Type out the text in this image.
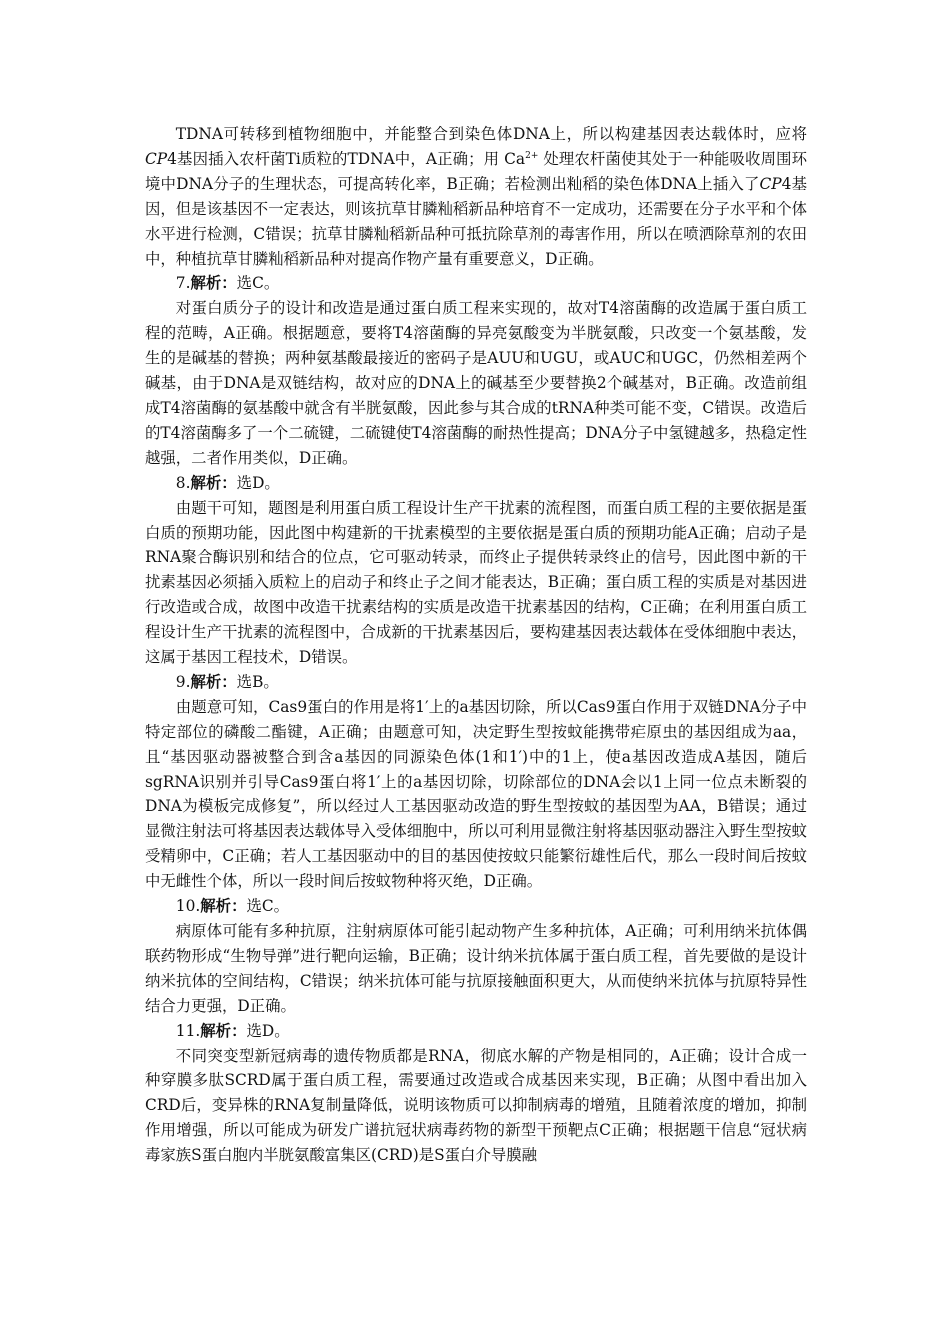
TDNA可转移到植物细胞中，并能整合到染色体DNA上，所以构建基因表达载体时，应将CP4基因插入农杆菌Ti质粒的TDNA中，A正确；用 $Ca^{2+}$ 处理农杆菌使其处于一种能吸收周围环境中DNA分子的生理状态，可提高转化率，B正确；若检测出籼稻的染色体DNA上插入了CP4基因，但是该基因不一定表达，则该抗草甘膦籼稻新品种培育不一定成功，还需要在分子水平和个体水平进行检测，C错误；抗草甘膦籼稻新品种可抵抗除草剂的毒害作用，所以在喷洒除草剂的农田中，种植抗草甘膦籼稻新品种对提高作物产量有重要意义，D正确。

7.解析：选C。

对蛋白质分子的设计和改造是通过蛋白质工程来实现的，故对T4溶菌酶的改造属于蛋白质工程的范畴，A正确。根据题意，要将T4溶菌酶的异亮氨酸变为半胱氨酸，只改变一个氨基酸，发生的是碱基的替换；两种氨基酸最接近的密码子是AUU和UGU，或AUC和UGC，仍然相差两个碱基，由于DNA是双链结构，故对应的DNA上的碱基至少要替换2个碱基对，B正确。改造前组成T4溶菌酶的氨基酸中就含有半胱氨酸，因此参与其合成的tRNA种类可能不变，C错误。改造后的T4溶菌酶多了一个二硫键，二硫键使T4溶菌酶的耐热性提高；DNA分子中氢键越多，热稳定性越强，二者作用类似，D正确。

8.解析：选D。

由题干可知，题图是利用蛋白质工程设计生产干扰素的流程图，而蛋白质工程的主要依据是蛋白质的预期功能，因此图中构建新的干扰素模型的主要依据是蛋白质的预期功能A正确；启动子是RNA聚合酶识别和结合的位点，它可驱动转录，而终止子提供转录终止的信号，因此图中新的干扰素基因必须插入质粒上的启动子和终止子之间才能表达，B正确；蛋白质工程的实质是对基因进行改造或合成，故图中改造干扰素结构的实质是改造干扰素基因的结构，C正确；在利用蛋白质工程设计生产干扰素的流程图中，合成新的干扰素基因后，要构建基因表达载体在受体细胞中表达，这属于基因工程技术，D错误。

9.解析：选B。

由题意可知，Cas9蛋白的作用是将1′上的a基因切除，所以Cas9蛋白作用于双链DNA分子中特定部位的磷酸二酯键，A正确；由题意可知，决定野生型按蚊能携带疟原虫的基因组成为aa，且“基因驱动器被整合到含a基因的同源染色体(1和1′)中的1上，使a基因改造成A基因，随后sgRNA识别并引导Cas9蛋白将1′上的a基因切除，切除部位的DNA会以1上同一位点未断裂的DNA为模板完成修复”，所以经过人工基因驱动改造的野生型按蚊的基因型为AA，B错误；通过显微注射法可将基因表达载体导入受体细胞中，所以可利用显微注射将基因驱动器注入野生型按蚊受精卵中，C正确；若人工基因驱动中的目的基因使按蚊只能繁衍雄性后代，那么一段时间后按蚊中无雌性个体，所以一段时间后按蚊物种将灭绝，D正确。

10.解析：选C。

病原体可能有多种抗原，注射病原体可能引起动物产生多种抗体，A正确；可利用纳米抗体偶联药物形成“生物导弹”进行靶向运输，B正确；设计纳米抗体属于蛋白质工程，首先要做的是设计纳米抗体的空间结构，C错误；纳米抗体可能与抗原接触面积更大，从而使纳米抗体与抗原特异性结合力更强，D正确。

11.解析：选D。

不同突变型新冠病毒的遗传物质都是RNA，彻底水解的产物是相同的，A正确；设计合成一种穿膜多肽SCRD属于蛋白质工程，需要通过改造或合成基因来实现，B正确；从图中看出加入CRD后，变异株的RNA复制量降低，说明该物质可以抑制病毒的增殖，且随着浓度的增加，抑制作用增强，所以可能成为研发广谱抗冠状病毒药物的新型干预靶点C正确；根据题干信息“冠状病毒家族S蛋白胞内半胱氨酸富集区(CRD)是S蛋白介导膜融
